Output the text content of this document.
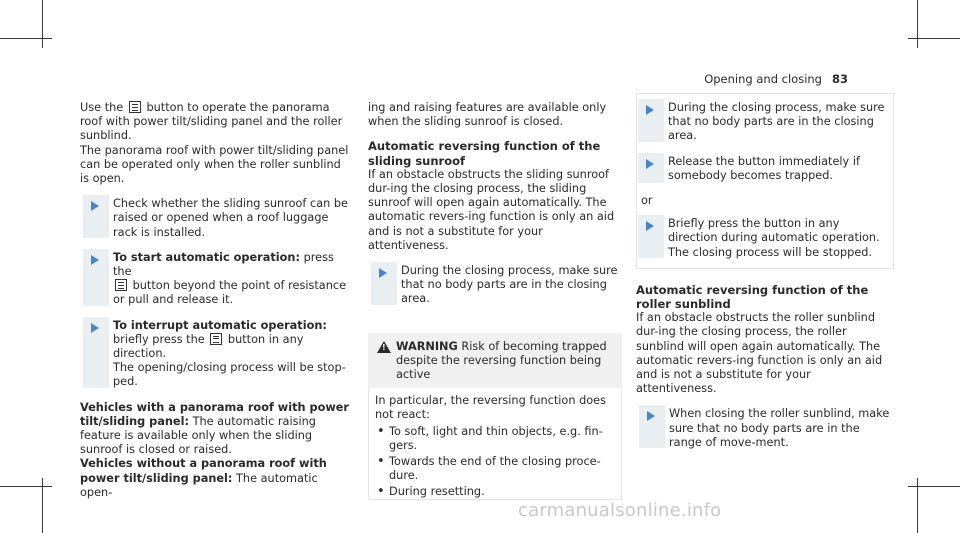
Opening and closing 83

Use the button to operate the panorama roof with power tilt/sliding panel and the roller sunblind.

The panorama roof with power tilt/sliding panel can be operated only when the roller sunblind is open.

Check whether the sliding sunroof can be raised or opened when a roof luggage rack is installed.
To start automatic operation: press the
button beyond the point of resistance or pull and release it.
To interrupt automatic operation: briefly press the button in any direction.
The opening/closing process will be stop-ped.

Vehicles with a panorama roof with power tilt/sliding panel: The automatic raising feature is available only when the sliding sunroof is closed or raised.

Vehicles without a panorama roof with power tilt/sliding panel: The automatic open-

ing and raising features are available only when the sliding sunroof is closed.

Automatic reversing function of the sliding sunroof

If an obstacle obstructs the sliding sunroof dur-ing the closing process, the sliding sunroof will open again automatically. The automatic revers-ing function is only an aid and is not a substitute for your attentiveness.

During the closing process, make sure that no body parts are in the closing area.
!
WARNING Risk of becoming trapped despite the reversing function being active

In particular, the reversing function does not react:

• To soft, light and thin objects, e.g. fin-gers.
• Towards the end of the closing proce-dure.
• During resetting.
During the closing process, make sure that no body parts are in the closing area.
Release the button immediately if somebody becomes trapped.

or

Briefly press the button in any direction during automatic operation.
The closing process will be stopped.
Automatic reversing function of the roller sunblind

If an obstacle obstructs the roller sunblind dur-ing the closing process, the roller sunblind will open again automatically. The automatic revers-ing function is only an aid and is not a substitute for your attentiveness.

When closing the roller sunblind, make sure that no body parts are in the range of move-ment.
carmanualsonline.info
